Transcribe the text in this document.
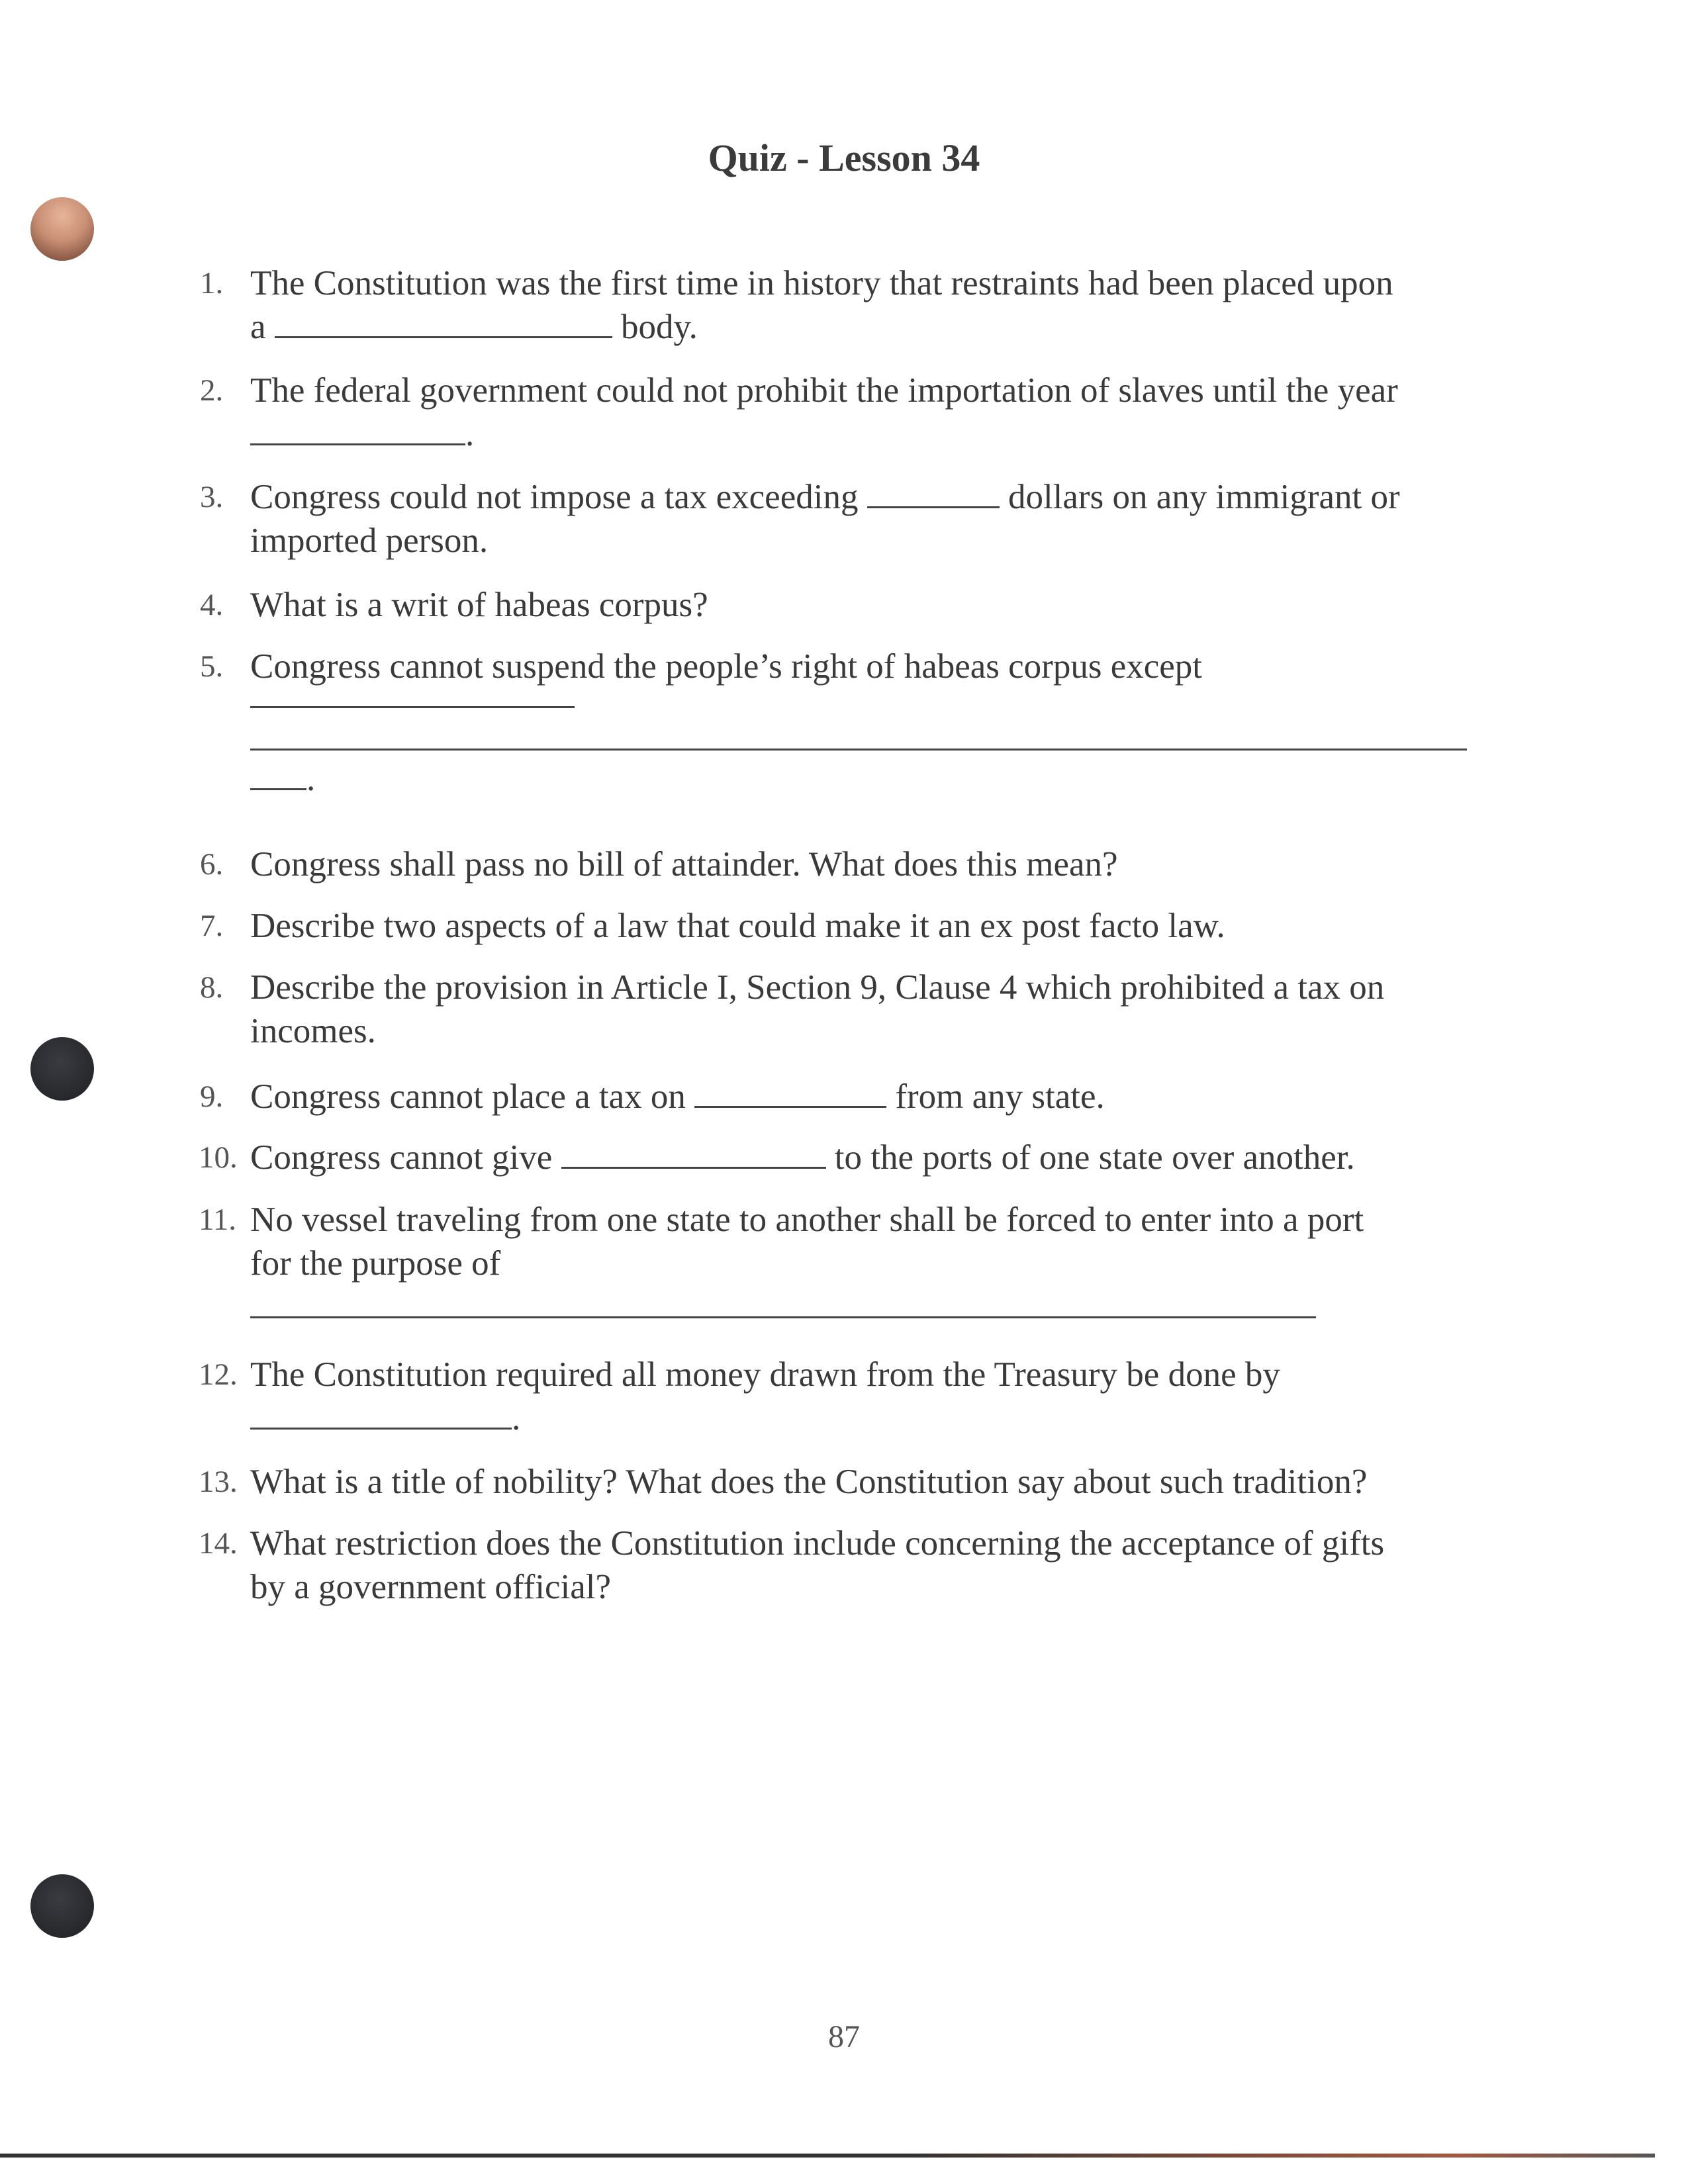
Quiz - Lesson 34
1. The Constitution was the first time in history that restraints had been placed upon
a	body.
2. The federal government could not prohibit the importation of slaves until the year
.
3. Congress could not impose a tax exceeding	dollars on any immigrant or
imported person.
4. What is a writ of habeas corpus?
5. Congress cannot suspend the people’s right of habeas corpus except
.
6. Congress shall pass no bill of attainder. What does this mean?
7. Describe two aspects of a law that could make it an ex post facto law.
8. Describe the provision in Article I, Section 9, Clause 4 which prohibited a tax on
incomes.
9. Congress cannot place a tax on	from any state.
10. Congress cannot give	to the ports of one state over another.
11. No vessel traveling from one state to another shall be forced to enter into a port
for the purpose of
12. The Constitution required all money drawn from the Treasury be done by
.
13. What is a title of nobility? What does the Constitution say about such tradition?
14. What restriction does the Constitution include concerning the acceptance of gifts
by a government official?
87
